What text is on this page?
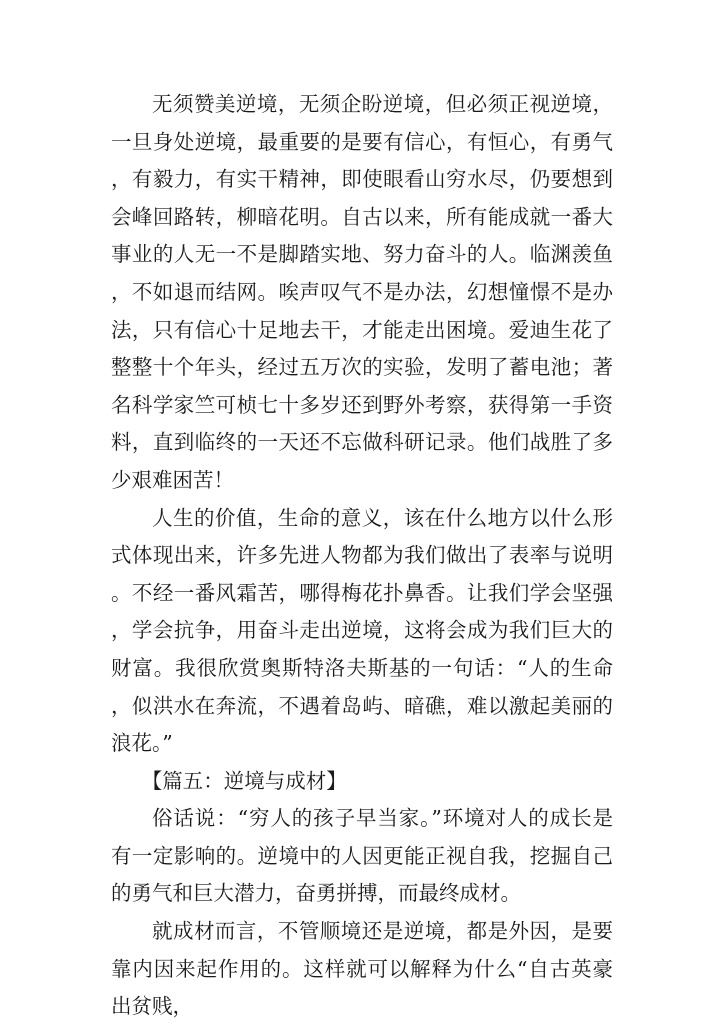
无须赞美逆境，无须企盼逆境，但必须正视逆境，一旦身处逆境，最重要的是要有信心，有恒心，有勇气，有毅力，有实干精神，即使眼看山穷水尽，仍要想到会峰回路转，柳暗花明。自古以来，所有能成就一番大事业的人无一不是脚踏实地、努力奋斗的人。临渊羡鱼，不如退而结网。唉声叹气不是办法，幻想憧憬不是办法，只有信心十足地去干，才能走出困境。爱迪生花了整整十个年头，经过五万次的实验，发明了蓄电池；著名科学家竺可桢七十多岁还到野外考察，获得第一手资料，直到临终的一天还不忘做科研记录。他们战胜了多少艰难困苦！

人生的价值，生命的意义，该在什么地方以什么形式体现出来，许多先进人物都为我们做出了表率与说明。不经一番风霜苦，哪得梅花扑鼻香。让我们学会坚强，学会抗争，用奋斗走出逆境，这将会成为我们巨大的财富。我很欣赏奥斯特洛夫斯基的一句话：“人的生命，似洪水在奔流，不遇着岛屿、暗礁，难以激起美丽的浪花。”

【篇五：逆境与成材】

俗话说：“穷人的孩子早当家。”环境对人的成长是有一定影响的。逆境中的人因更能正视自我，挖掘自己的勇气和巨大潜力，奋勇拼搏，而最终成材。

就成材而言，不管顺境还是逆境，都是外因，是要靠内因来起作用的。这样就可以解释为什么“自古英豪出贫贱，
